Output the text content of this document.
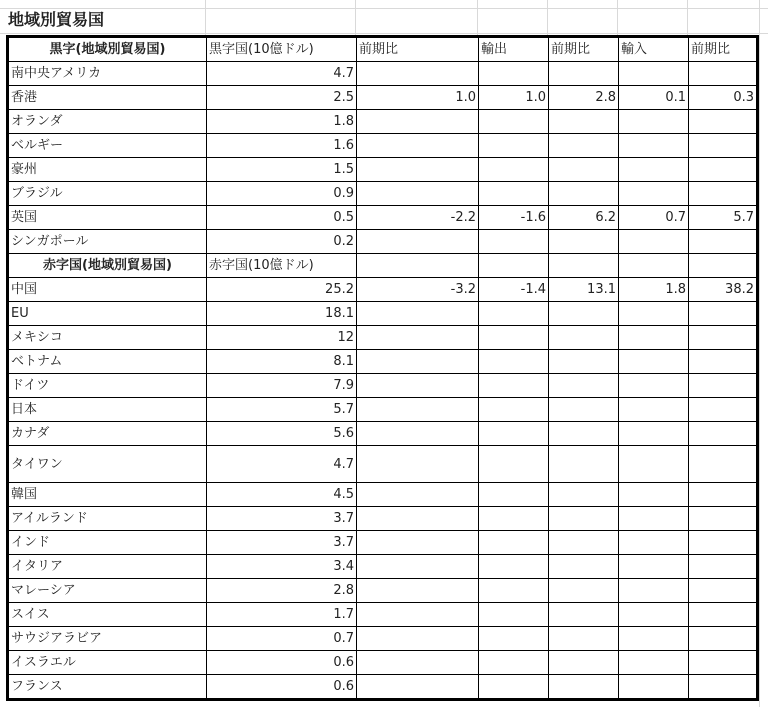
地域別貿易国
黒字(地域別貿易国)	黒字国(10億ドル)	前期比	輸出	前期比	輸入	前期比
南中央アメリカ	4.7					
香港	2.5	1.0	1.0	2.8	0.1	0.3
オランダ	1.8					
ベルギー	1.6					
豪州	1.5					
ブラジル	0.9					
英国	0.5	-2.2	-1.6	6.2	0.7	5.7
シンガポール	0.2					
赤字国(地域別貿易国)	赤字国(10億ドル)					
中国	25.2	-3.2	-1.4	13.1	1.8	38.2
EU	18.1					
メキシコ	12					
ベトナム	8.1					
ドイツ	7.9					
日本	5.7					
カナダ	5.6					
タイワン	4.7					
韓国	4.5					
アイルランド	3.7					
インド	3.7					
イタリア	3.4					
マレーシア	2.8					
スイス	1.7					
サウジアラビア	0.7					
イスラエル	0.6					
フランス	0.6					
